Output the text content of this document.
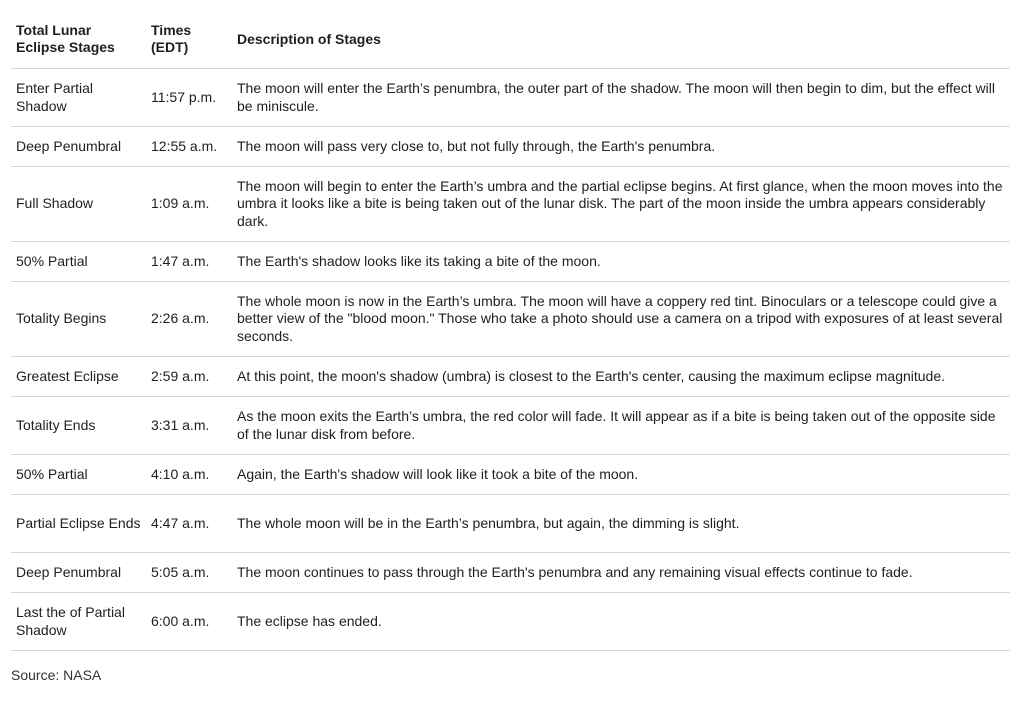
Total Lunar Eclipse Stages	Times (EDT)	Description of Stages
Enter Partial Shadow	11:57 p.m.	The moon will enter the Earth’s penumbra, the outer part of the shadow. The moon will then begin to dim, but the effect will be miniscule.
Deep Penumbral	12:55 a.m.	The moon will pass very close to, but not fully through, the Earth's penumbra.
Full Shadow	1:09 a.m.	The moon will begin to enter the Earth’s umbra and the partial eclipse begins. At first glance, when the moon moves into the umbra it looks like a bite is being taken out of the lunar disk. The part of the moon inside the umbra appears considerably dark.
50% Partial	1:47 a.m.	The Earth's shadow looks like its taking a bite of the moon.
Totality Begins	2:26 a.m.	The whole moon is now in the Earth’s umbra. The moon will have a coppery red tint. Binoculars or a telescope could give a better view of the "blood moon." Those who take a photo should use a camera on a tripod with exposures of at least several seconds.
Greatest Eclipse	2:59 a.m.	At this point, the moon's shadow (umbra) is closest to the Earth's center, causing the maximum eclipse magnitude.
Totality Ends	3:31 a.m.	As the moon exits the Earth’s umbra, the red color will fade. It will appear as if a bite is being taken out of the opposite side of the lunar disk from before.
50% Partial	4:10 a.m.	Again, the Earth's shadow will look like it took a bite of the moon.
Partial Eclipse Ends	4:47 a.m.	The whole moon will be in the Earth’s penumbra, but again, the dimming is slight.
Deep Penumbral	5:05 a.m.	The moon continues to pass through the Earth's penumbra and any remaining visual effects continue to fade.
Last the of Partial Shadow	6:00 a.m.	The eclipse has ended.
Source: NASA
